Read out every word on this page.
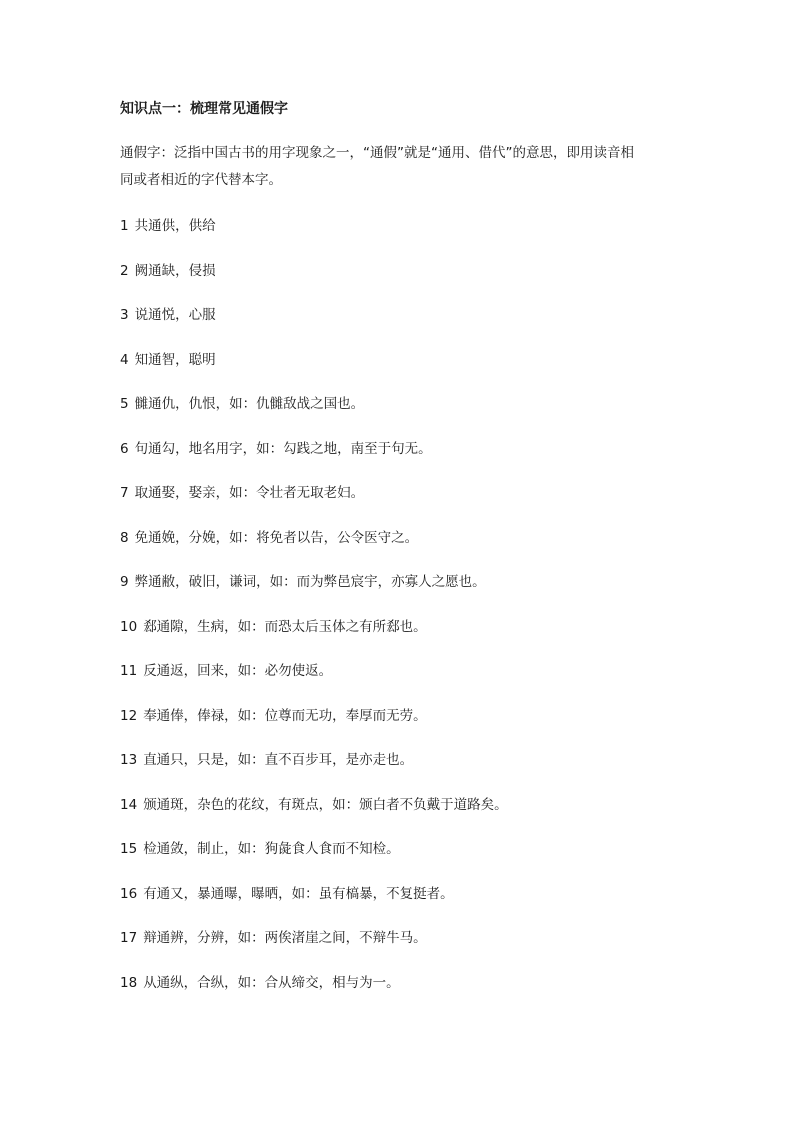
知识点一：梳理常见通假字

通假字：泛指中国古书的用字现象之一，“通假”就是“通用、借代”的意思，即用读音相

同或者相近的字代替本字。

1 共通供，供给
2 阙通缺，侵损
3 说通悦，心服
4 知通智，聪明
5 雠通仇，仇恨，如：仇雠敌战之国也。
6 句通勾，地名用字，如：勾践之地，南至于句无。
7 取通娶，娶亲，如：令壮者无取老妇。
8 免通娩，分娩，如：将免者以告，公令医守之。
9 弊通敝，破旧，谦词，如：而为弊邑宸宇，亦寡人之愿也。
10 郄通隙，生病，如：而恐太后玉体之有所郄也。
11 反通返，回来，如：必勿使返。
12 奉通俸，俸禄，如：位尊而无功，奉厚而无劳。
13 直通只，只是，如：直不百步耳，是亦走也。
14 颁通斑，杂色的花纹，有斑点，如：颁白者不负戴于道路矣。
15 检通敛，制止，如：狗彘食人食而不知检。
16 有通又，暴通曝，曝晒，如：虽有槁暴，不复挺者。
17 辩通辨，分辨，如：两俟渚崖之间，不辩牛马。
18 从通纵，合纵，如：合从缔交，相与为一。
